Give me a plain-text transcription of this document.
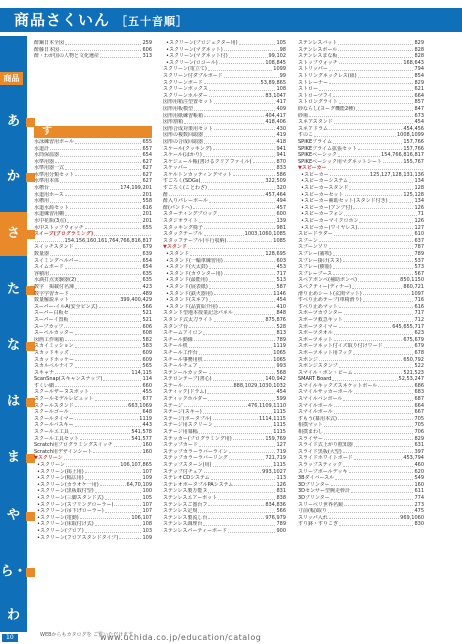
商品さくいん ［五十音順］
商品
あ
か
さ
た
な
は
ま
や
ら・わ
す
酢鋼日本全図	259
酢藤日本図	606
酢・わが国の人物と文化遺産	313
水泳練習用ボール	655
水道計	657
水筒保温器	654
水準用器	627
水準用器一式	627
水準用分類セット	627
水準用本体	627
水槽台	174,199,201
水道用ホース	201
水槽用	558
水道水源セット	616
水道練習用棚	201
水中花瓶(3点)	201
水中ストップウォッチ	655
スイープ(プログラミング)
154,156,160,161,764,766,816,817
スイッチスタンド	679
数量器	639
スイミングヘルパー	654
スイムボード	654
容積用	635
水滴打点実験器(2)	635
数字　掲載付名簿	423
数字学習カード	489
数量解説ネット	399,400,429
スーパー-イルA(安全ピン式)	566
スーパー白板セ	521
スーパーイ置板	521
スープカップ	606
スーベルカッター	608
図画工作場箱	582
スカイミッション	583
スカッドキッズ	609
スカッドホッケー	609
スカルペルナイフ	565
スキャナ	114,115
ScanSnap(スキャンスナップ)	114
すくい網	660
スクールザーヌスポット	455
スクールモデルレピュット	677
スクールスタンド	663,1069
スクールゴール	648
スクールタイマー	1119
スクールバスキー	443
スクールエ工具	541,578
スクール工具セット	541,577
Scratch用プログラミングスイッチ	160
Scratch用デザインシート	160
▼スクリーン
•スクリーン	106,107,865
•スクリーン(掲上用)	107
•スクリーン(幅広用)	109
•スクリーン(カラオケ一用)	64,70,109
•スクリーン(黒板取付型)	100
•スクリーン(三脚スタンド式)	105
•スクリーン(スプリングローラー)	107
•スクリーン(吊下げローラー)	107
•スクリーン(電動)	106,107
•スクリーン(床取付け式)	108
•スクリーン(プロア)	103
•スクリーン(フロアスタンドタイプ)	109
•スクリーン(プロジェクター用)	105
•スクリーン(マグネット)	98
•スクリーン(マグネット付)	99,102
•スクリーン(ロコール)	108,845
スクリーン(電立て)	1099
スクリーン付ダブルボード	99
スクリーンボード	53,89,865
スクリーンボックス	108
スクリーンホルダー	83,1047
図形用箱注型置セット	417
図形用板模型	409
図形用紙練習帳箱	404,417
図形割箱	418,406
図形合成対策用セット	430
図形の複数回頭器	419
図形の合成回頭器	418
スケール(クッキング)	941
スケール(はかり)	941
スケジュール帳(書けるクリアファイル)	870
スケッパー	833
スケルトンカッティングマット	586
すごろく(SDGs)	322,509
すごろく(ことわざ)	320
酢	457,464
酢入りパレーボール	494
酢(パンドヘ)	457
スターティングブロック	600
スタジオライト	139
スタッキング椅子	981
スタックテーブル	1003,1060,1085
スタッフテーブル(平行収納)	1085
▼スタンド
•スタンド	128,695
•スタンド(一輪車練習用)	603
•スタンド(大太鼓)	453
•スタンド(カウンター用)	717
•スタンド(最能用)	513
•スタンド(展表紙)	587
•スタンド(鉄火器用)	1146
•スタンド(スネア)	454
•スタンド(品質紹介用)	410
スタンド型地本授業記念パネル	848
スタンド式太刀ライト	875,876
スタンプ台	528
スチームアイロン	813
スチール動線	789
スチール机	1119
スチール工作台	1065
スチール事務用机	1065
スチールチェア	993
ステンールカッター	568
ステロンテープ(書心)	140,942
ステール	888,1029,1030,1032
スティック(ドラム)	454
スティックホルダー	599
ステージ	476,1109,1110
ステージ(スキー)	1115
ステージ(ボータブル)	1114,1115
ステージ用スクリーン	1115
ステージ用幕幅	1115
ステッカー(プログラミング用)	159,769
ステップカード	127
ステップカラーラバーライン	719
ステップカラーラバーリング	721,719
ステップスターン(用)	1115
ステップ付チェア	993,1027
ステレオCDシステム	113
ステレオポータブルPAシステム	126
ステンレス製万能ヌ	831
ステンレスエアーポット	838
ステンレスご器台フ	834,836
ステンレス定規	566
ステンレス製流し台	976,979
ステンレス調理台	789
ステンレスパーティーボード	900
ステンレスバット	829
ステンレスボール	828
ステンレスまな板	828
ストップウォッチ	168,643
ストリッパー	794
ストリングネックレス(紐)	854
ストレーナー	829
ストロー	621
ストローヅフイ	664
ストロングライト	857
砂ならし(ヨーグ機能2種)	847
砂場	673
スネアスタンド	454
スネアドラム	454,456
すのこ	1008,1099
SPIKEプライム	157,766
SPIKEプライム拡張セット	157,766
SPIKEベーシック	154,766,816,817
SPIKEベーシック用マグネットシート	155,767
▼スピーカー
•スピーカー	125,127,128,131,136
•スピーカーシステム	134
•スピーカースタンド	128
•スピーカーセット	125,128
•スピーカー補助セット(スタンド付き)	134
•スピーカー(アンプ付)	126
•スピーカーフォン	71
•スピーカーマイクロホン	126
•スピーカー(ワイヤレス)	127
スピードラダー	610
スプーン	637
スプーンソリ	787
スプレー(霧吹)	789
スプレー掛け(スヌ)	537
スプレー(樹脂)	573
スプレーブース	567
スペアボンベ(補助ボンベ)	850,1150
スペクティー(ディナー)	860,721
滑り止めシート(玄関マット)	1097
すべり止めテープ(車椅滑り)	716
すべり止めマット	616
スポーツカウンター	717
スポーツ救急キット	712
スポーツタイマー	645,655,717
スポーツタオル	623
スポーツネット	675,679
スポーツネット付イズ取り付けワード	679
スポーツネット用フック	678
スポンジ	650,792
スポンジスタンプ	522
スマイル・ポン・ビーム	521,523
SMART Board	52,53,247
スマイルキックズスネケットボール	686
スマイルサッカーボール	683
スマイルバンボール	687
スマイルボール	664
スマイルボール	667
すもう(幕用本式)	705
相撲マット	705
相撲まわし	706
スライサー	829
スライド式上がり框知器	631
スライド黒板(大型)	397
スライドホワイトボード	453,794
スラップスティック	460
スリーブボールデッキ	620
3Bダイバースル	549
3Dプリンター	160
3Dセンサー型腕走幹計	611
3Dプリンター	774
スリーベリ世界名鏡	273
寸前(幅)取り	475
スリッパ入れ	969,1060
すり鉢・すりこぎ	830
10	WEBからもカタログを ご覧いただけます
www.uchida.co.jp/education/catalog
